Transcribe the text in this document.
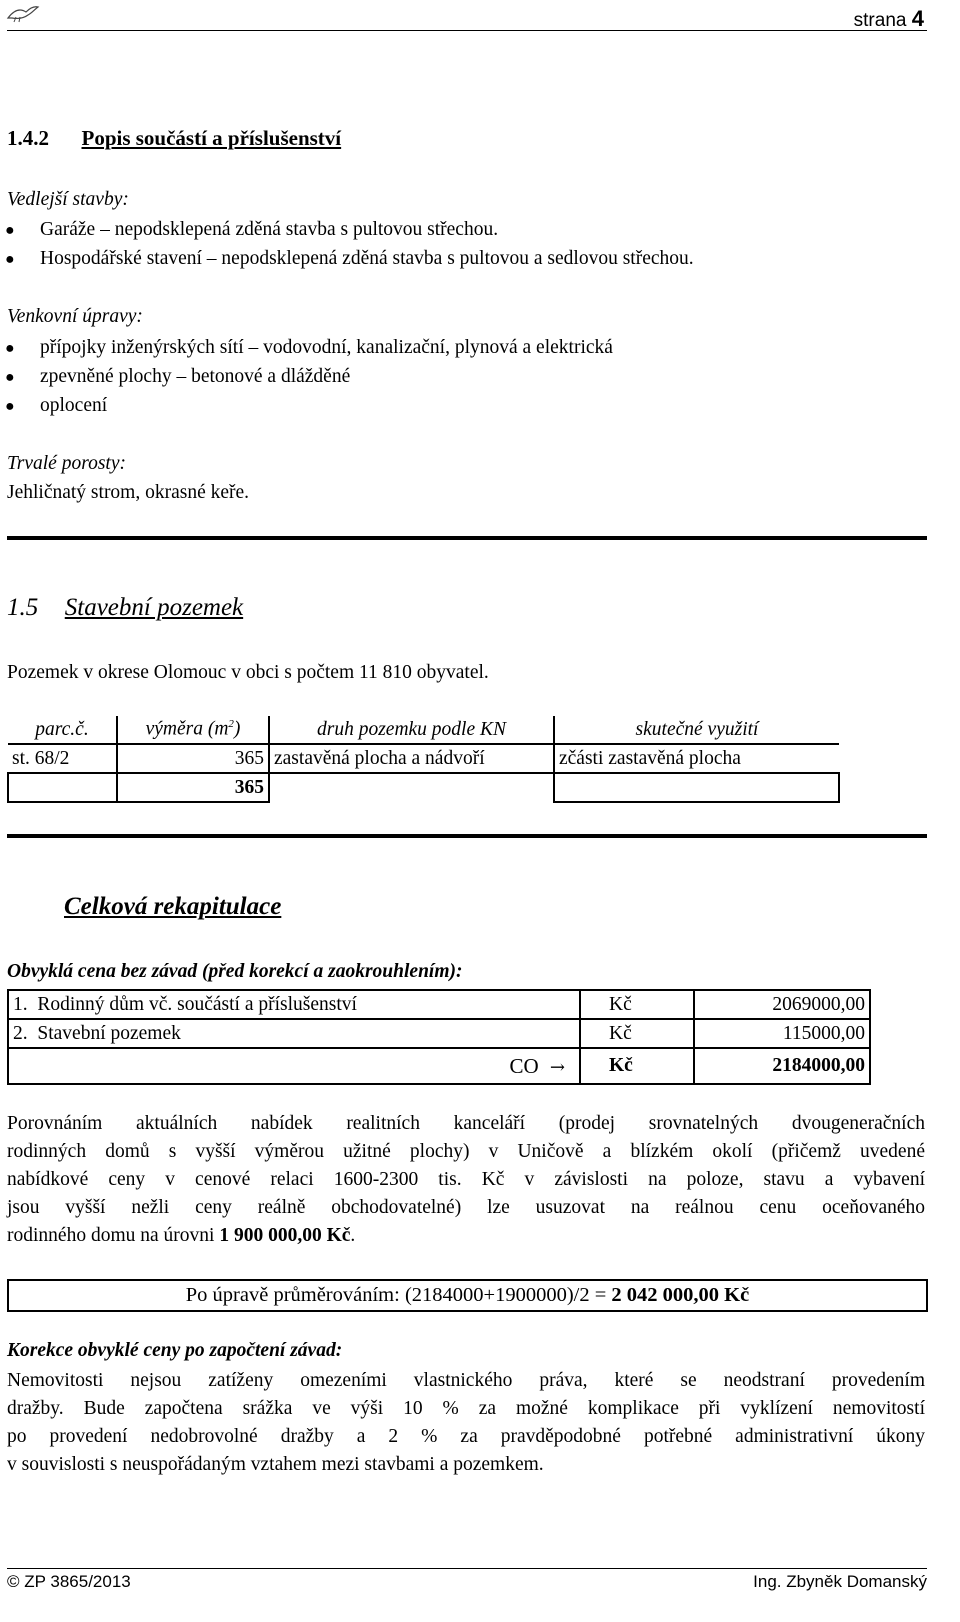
strana 4
1.4.2 Popis součástí a příslušenství
Vedlejší stavby:
● Garáže – nepodsklepená zděná stavba s pultovou střechou.
● Hospodářské stavení – nepodsklepená zděná stavba s pultovou a sedlovou střechou.
Venkovní úpravy:
● přípojky inženýrských sítí – vodovodní, kanalizační, plynová a elektrická
● zpevněné plochy – betonové a dlážděné
● oplocení
Trvalé porosty:
Jehličnatý strom, okrasné keře.
1.5 Stavební pozemek
Pozemek v okrese Olomouc v obci s počtem 11 810 obyvatel.
parc.č.	výměra $(m^2)$	druh pozemku podle KN	skutečné využití
st. 68/2	365	zastavěná plocha a nádvoří	zčásti zastavěná plocha
	365		
Celková rekapitulace
Obvyklá cena bez závad (před korekcí a zaokrouhlením):
1.  Rodinný dům vč. součástí a příslušenství	Kč	2069000,00
2.  Stavební pozemek	Kč	115000,00
CO →	Kč	2184000,00
Porovnáním aktuálních nabídek realitních kanceláří (prodej srovnatelných dvougeneračních
rodinných domů s vyšší výměrou užitné plochy) v Uničově a blízkém okolí (přičemž uvedené
nabídkové ceny v cenové relaci 1600-2300 tis. Kč v závislosti na poloze, stavu a vybavení
jsou vyšší nežli ceny reálně obchodovatelné) lze usuzovat na reálnou cenu oceňovaného
rodinného domu na úrovni 1 900 000,00 Kč.
Po úpravě průměrováním: (2184000+1900000)/2 = 2 042 000,00 Kč
Korekce obvyklé ceny po započtení závad:
Nemovitosti nejsou zatíženy omezeními vlastnického práva, které se neodstraní provedením
dražby. Bude započtena srážka ve výši 10 % za možné komplikace při vyklízení nemovitostí
po provedení nedobrovolné dražby a 2 % za pravděpodobné potřebné administrativní úkony
v souvislosti s neuspořádaným vztahem mezi stavbami a pozemkem.
© ZP 3865/2013	Ing. Zbyněk Domanský
